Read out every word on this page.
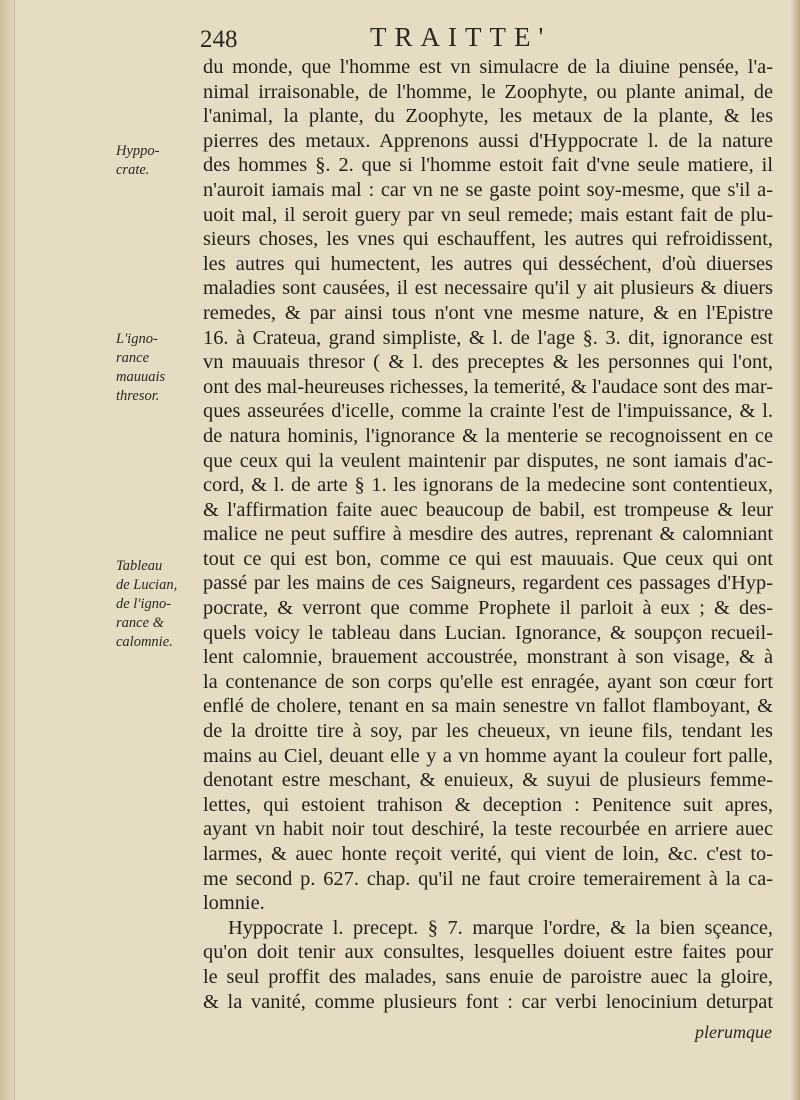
248	TRAITTE'
Hyppo-
crate.
L'igno-
rance
mauuais
thresor.
Tableau
de Lucian,
de l'igno-
rance &
calomnie.
du monde, que l'homme est vn simulacre de la diuine pensée, l'a-
nimal irraisonable, de l'homme, le Zoophyte, ou plante animal, de
l'animal, la plante, du Zoophyte, les metaux de la plante, & les
pierres des metaux. Apprenons aussi d'Hyppocrate l. de la nature
des hommes §. 2. que si l'homme estoit fait d'vne seule matiere, il
n'auroit iamais mal : car vn ne se gaste point soy-mesme, que s'il a-
uoit mal, il seroit guery par vn seul remede; mais estant fait de plu-
sieurs choses, les vnes qui eschauffent, les autres qui refroidissent,
les autres qui humectent, les autres qui desséchent, d'où diuerses
maladies sont causées, il est necessaire qu'il y ait plusieurs & diuers
remedes, & par ainsi tous n'ont vne mesme nature, & en l'Epistre
16. à Crateua, grand simpliste, & l. de l'age §. 3. dit, ignorance est
vn mauuais thresor ( & l. des preceptes & les personnes qui l'ont,
ont des mal-heureuses richesses, la temerité, & l'audace sont des mar-
ques asseurées d'icelle, comme la crainte l'est de l'impuissance, & l.
de natura hominis, l'ignorance & la menterie se recognoissent en ce
que ceux qui la veulent maintenir par disputes, ne sont iamais d'ac-
cord, & l. de arte § 1. les ignorans de la medecine sont contentieux,
& l'affirmation faite auec beaucoup de babil, est trompeuse & leur
malice ne peut suffire à mesdire des autres, reprenant & calomniant
tout ce qui est bon, comme ce qui est mauuais. Que ceux qui ont
passé par les mains de ces Saigneurs, regardent ces passages d'Hyp-
pocrate, & verront que comme Prophete il parloit à eux ; & des-
quels voicy le tableau dans Lucian. Ignorance, & soupçon recueil-
lent calomnie, brauement accoustrée, monstrant à son visage, & à
la contenance de son corps qu'elle est enragée, ayant son cœur fort
enflé de cholere, tenant en sa main senestre vn fallot flamboyant, &
de la droitte tire à soy, par les cheueux, vn ieune fils, tendant les
mains au Ciel, deuant elle y a vn homme ayant la couleur fort palle,
denotant estre meschant, & enuieux, & suyui de plusieurs femme-
lettes, qui estoient trahison & deception : Penitence suit apres,
ayant vn habit noir tout deschiré, la teste recourbée en arriere auec
larmes, & auec honte reçoit verité, qui vient de loin, &c. c'est to-
me second p. 627. chap. qu'il ne faut croire temerairement à la ca-
lomnie.
Hyppocrate l. precept. § 7. marque l'ordre, & la bien sçeance,
qu'on doit tenir aux consultes, lesquelles doiuent estre faites pour
le seul proffit des malades, sans enuie de paroistre auec la gloire,
& la vanité, comme plusieurs font : car verbi lenocinium deturpat
plerumque
